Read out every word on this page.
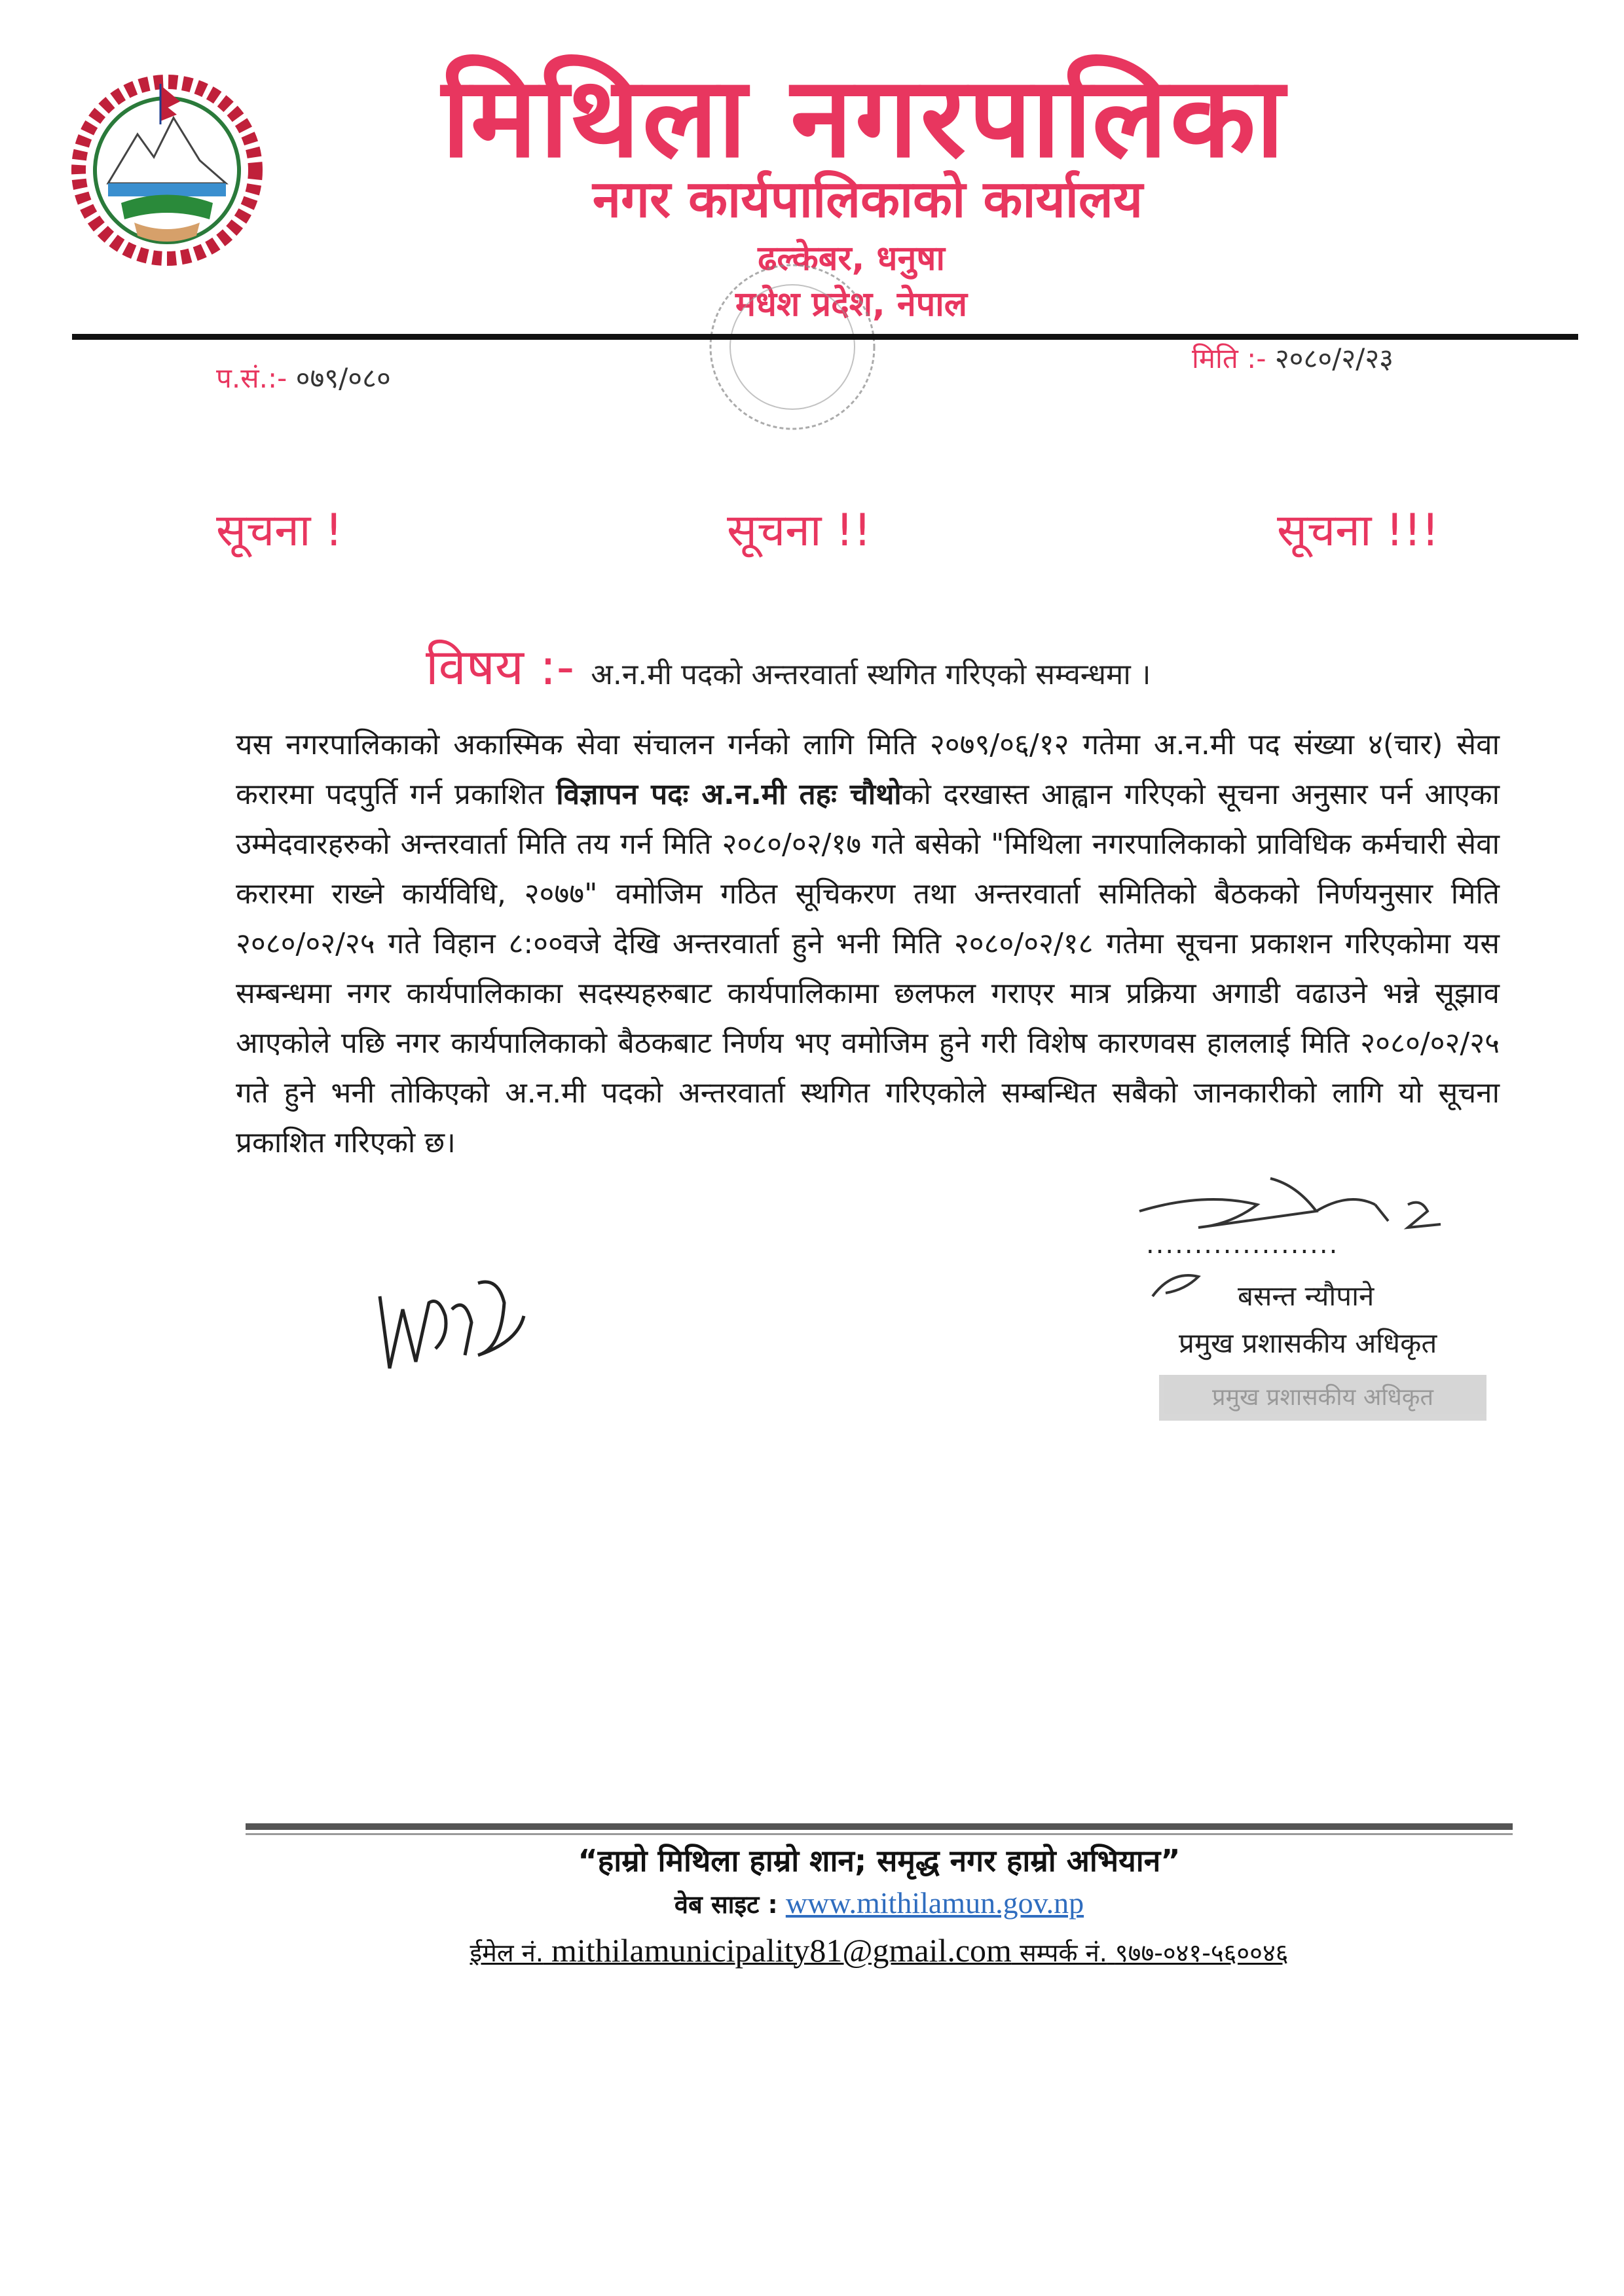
मिथिला नगरपालिका
नगर कार्यपालिकाको कार्यालय
ढल्केबर, धनुषा
मधेश प्रदेश, नेपाल
प.सं.:- ०७९/०८०
मिति :- २०८०/२/२३
सूचना !	सूचना !!	सूचना !!!
विषय :- अ.न.मी पदको अन्तरवार्ता स्थगित गरिएको सम्वन्धमा ।
यस नगरपालिकाको अकास्मिक सेवा संचालन गर्नको लागि मिति २०७९/०६/१२ गतेमा अ.न.मी पद संख्या ४(चार) सेवा करारमा पदपुर्ति गर्न प्रकाशित विज्ञापन पदः अ.न.मी तहः चौथोको दरखास्त आह्वान गरिएको सूचना अनुसार पर्न आएका उम्मेदवारहरुको अन्तरवार्ता मिति तय गर्न मिति २०८०/०२/१७ गते बसेको "मिथिला नगरपालिकाको प्राविधिक कर्मचारी सेवा करारमा राख्ने कार्यविधि, २०७७" वमोजिम गठित सूचिकरण तथा अन्तरवार्ता समितिको बैठकको निर्णयनुसार मिति २०८०/०२/२५ गते विहान ८:००वजे देखि अन्तरवार्ता हुने भनी मिति २०८०/०२/१८ गतेमा सूचना प्रकाशन गरिएकोमा यस सम्बन्धमा नगर कार्यपालिकाका सदस्यहरुबाट कार्यपालिकामा छलफल गराएर मात्र प्रक्रिया अगाडी वढाउने भन्ने सूझाव आएकोले पछि नगर कार्यपालिकाको बैठकबाट निर्णय भए वमोजिम हुने गरी विशेष कारणवस हाललाई मिति २०८०/०२/२५ गते हुने भनी तोकिएको अ.न.मी पदको अन्तरवार्ता स्थगित गरिएकोले सम्बन्धित सबैको जानकारीको लागि यो सूचना प्रकाशित गरिएको छ।
....................
बसन्त न्यौपाने
प्रमुख प्रशासकीय अधिकृत
प्रमुख प्रशासकीय अधिकृत
“हाम्रो मिथिला हाम्रो शान; समृद्ध नगर हाम्रो अभियान”
वेब साइट : www.mithilamun.gov.np
ईमेल नं. mithilamunicipality81@gmail.com सम्पर्क नं. ९७७-०४१-५६००४६
